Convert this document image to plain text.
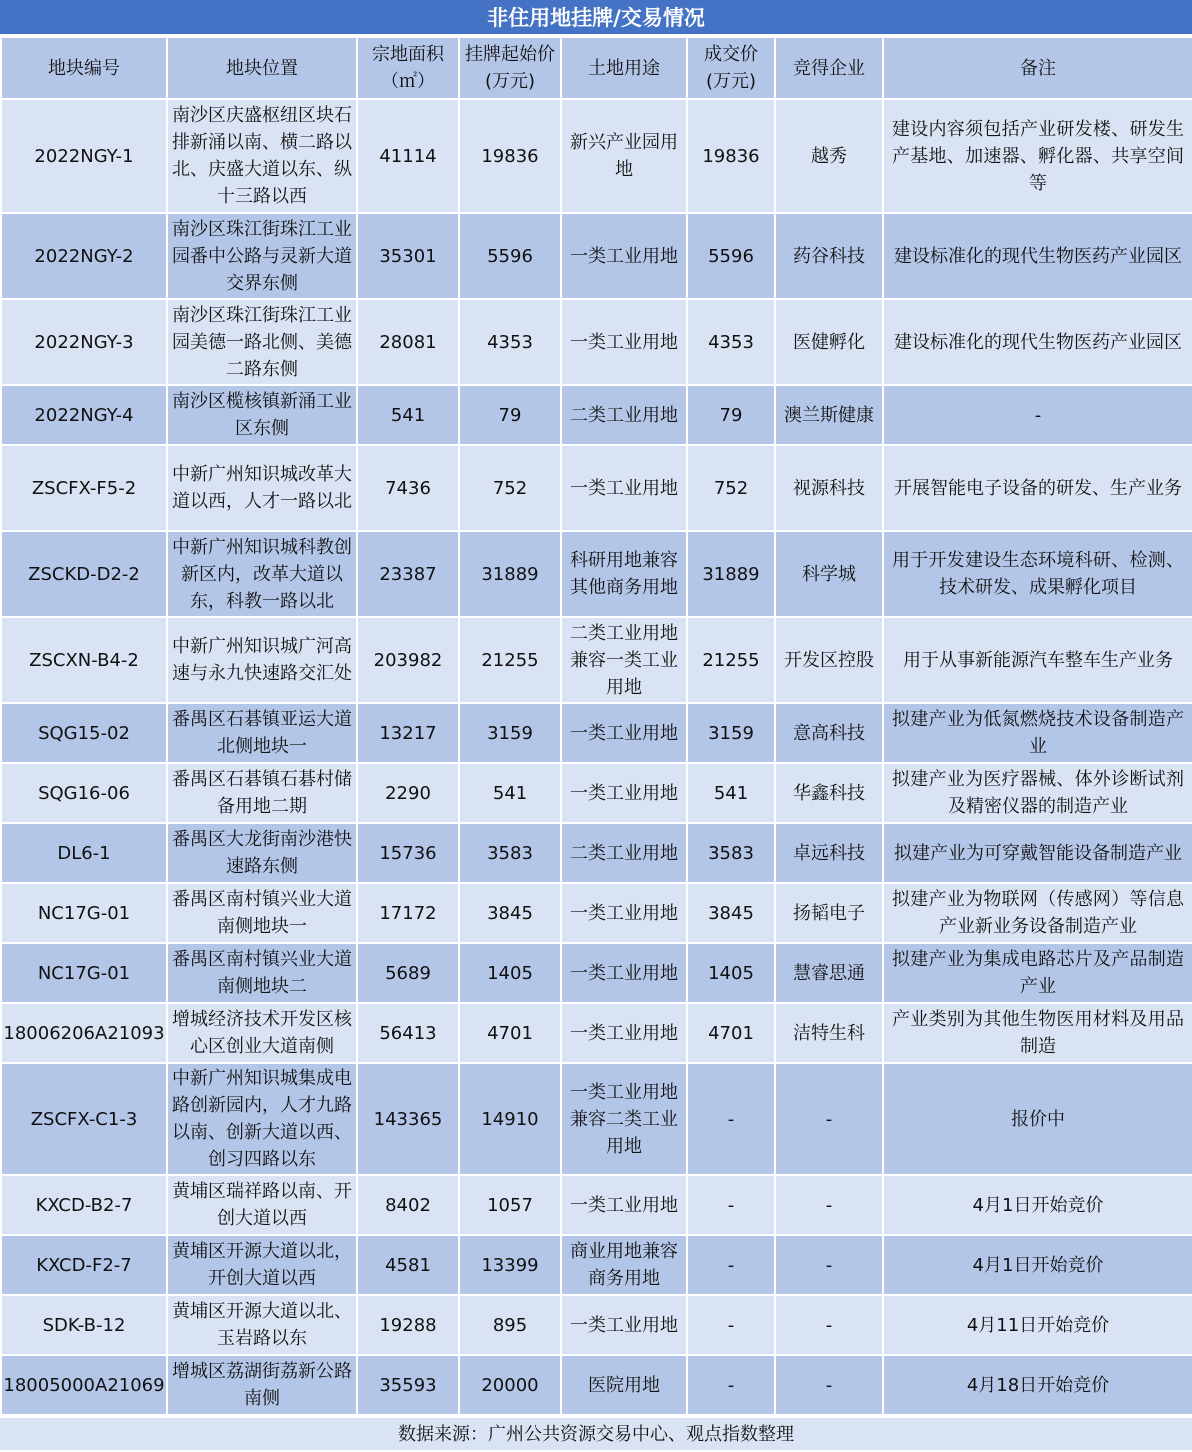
非住用地挂牌/交易情况
地块编号	地块位置	宗地面积（㎡）	挂牌起始价(万元)	土地用途	成交价(万元)	竞得企业	备注
2022NGY-1	南沙区庆盛枢纽区块石排新涌以南、横二路以北、庆盛大道以东、纵十三路以西	41114	19836	新兴产业园用地	19836	越秀	建设内容须包括产业研发楼、研发生产基地、加速器、孵化器、共享空间等
2022NGY-2	南沙区珠江街珠江工业园番中公路与灵新大道交界东侧	35301	5596	一类工业用地	5596	药谷科技	建设标准化的现代生物医药产业园区
2022NGY-3	南沙区珠江街珠江工业园美德一路北侧、美德二路东侧	28081	4353	一类工业用地	4353	医健孵化	建设标准化的现代生物医药产业园区
2022NGY-4	南沙区榄核镇新涌工业区东侧	541	79	二类工业用地	79	澳兰斯健康	-
ZSCFX-F5-2	中新广州知识城改革大道以西，人才一路以北	7436	752	一类工业用地	752	视源科技	开展智能电子设备的研发、生产业务
ZSCKD-D2-2	中新广州知识城科教创新区内，改革大道以东，科教一路以北	23387	31889	科研用地兼容其他商务用地	31889	科学城	用于开发建设生态环境科研、检测、技术研发、成果孵化项目
ZSCXN-B4-2	中新广州知识城广河高速与永九快速路交汇处	203982	21255	二类工业用地兼容一类工业用地	21255	开发区控股	用于从事新能源汽车整车生产业务
SQG15-02	番禺区石碁镇亚运大道北侧地块一	13217	3159	一类工业用地	3159	意高科技	拟建产业为低氮燃烧技术设备制造产业
SQG16-06	番禺区石碁镇石碁村储备用地二期	2290	541	一类工业用地	541	华鑫科技	拟建产业为医疗器械、体外诊断试剂及精密仪器的制造产业
DL6-1	番禺区大龙街南沙港快速路东侧	15736	3583	二类工业用地	3583	卓远科技	拟建产业为可穿戴智能设备制造产业
NC17G-01	番禺区南村镇兴业大道南侧地块一	17172	3845	一类工业用地	3845	扬韬电子	拟建产业为物联网（传感网）等信息产业新业务设备制造产业
NC17G-01	番禺区南村镇兴业大道南侧地块二	5689	1405	一类工业用地	1405	慧睿思通	拟建产业为集成电路芯片及产品制造产业
18006206A21093	增城经济技术开发区核心区创业大道南侧	56413	4701	一类工业用地	4701	洁特生科	产业类别为其他生物医用材料及用品制造
ZSCFX-C1-3	中新广州知识城集成电路创新园内，人才九路以南、创新大道以西、创习四路以东	143365	14910	一类工业用地兼容二类工业用地	-	-	报价中
KXCD-B2-7	黄埔区瑞祥路以南、开创大道以西	8402	1057	一类工业用地	-	-	4月1日开始竞价
KXCD-F2-7	黄埔区开源大道以北，开创大道以西	4581	13399	商业用地兼容商务用地	-	-	4月1日开始竞价
SDK-B-12	黄埔区开源大道以北、玉岩路以东	19288	895	一类工业用地	-	-	4月11日开始竞价
18005000A21069	增城区荔湖街荔新公路南侧	35593	20000	医院用地	-	-	4月18日开始竞价
数据来源：广州公共资源交易中心、观点指数整理
